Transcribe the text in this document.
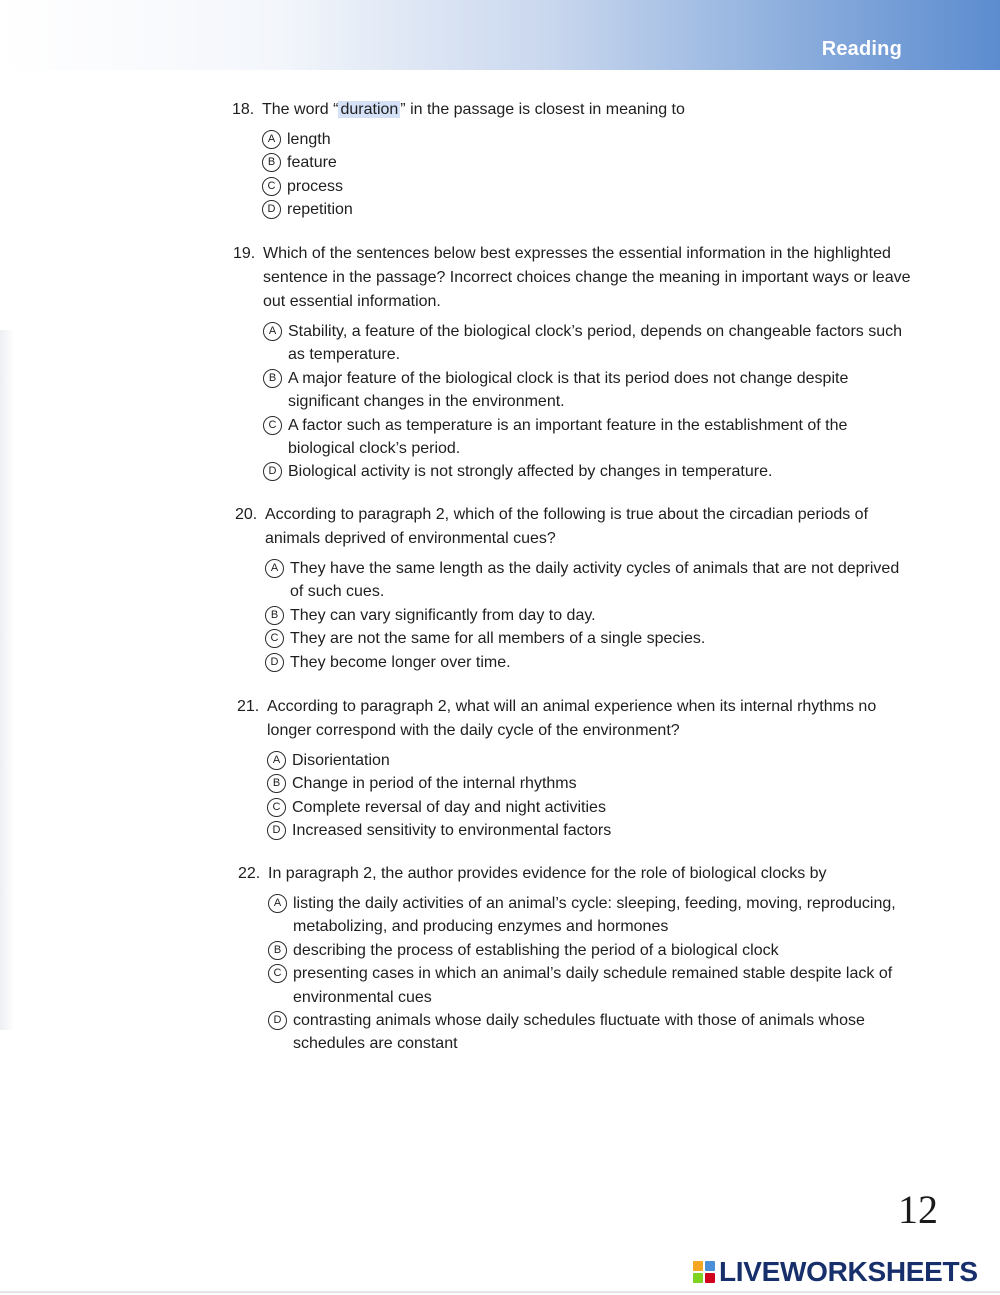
Reading
18. The word “ duration ” in the passage is closest in meaning to
A length
B feature
C process
D repetition
19. Which of the sentences below best expresses the essential information in the highlighted sentence in the passage? Incorrect choices change the meaning in important ways or leave out essential information.
A Stability, a feature of the biological clock’s period, depends on changeable factors such as temperature.
B A major feature of the biological clock is that its period does not change despite significant changes in the environment.
C A factor such as temperature is an important feature in the establishment of the biological clock’s period.
D Biological activity is not strongly affected by changes in temperature.
20. According to paragraph 2, which of the following is true about the circadian periods of animals deprived of environmental cues?
A They have the same length as the daily activity cycles of animals that are not deprived of such cues.
B They can vary significantly from day to day.
C They are not the same for all members of a single species.
D They become longer over time.
21. According to paragraph 2, what will an animal experience when its internal rhythms no longer correspond with the daily cycle of the environment?
A Disorientation
B Change in period of the internal rhythms
C Complete reversal of day and night activities
D Increased sensitivity to environmental factors
22. In paragraph 2, the author provides evidence for the role of biological clocks by
A listing the daily activities of an animal’s cycle: sleeping, feeding, moving, reproducing, metabolizing, and producing enzymes and hormones
B describing the process of establishing the period of a biological clock
C presenting cases in which an animal’s daily schedule remained stable despite lack of environmental cues
D contrasting animals whose daily schedules fluctuate with those of animals whose schedules are constant
12
LIVEWORKSHEETS
